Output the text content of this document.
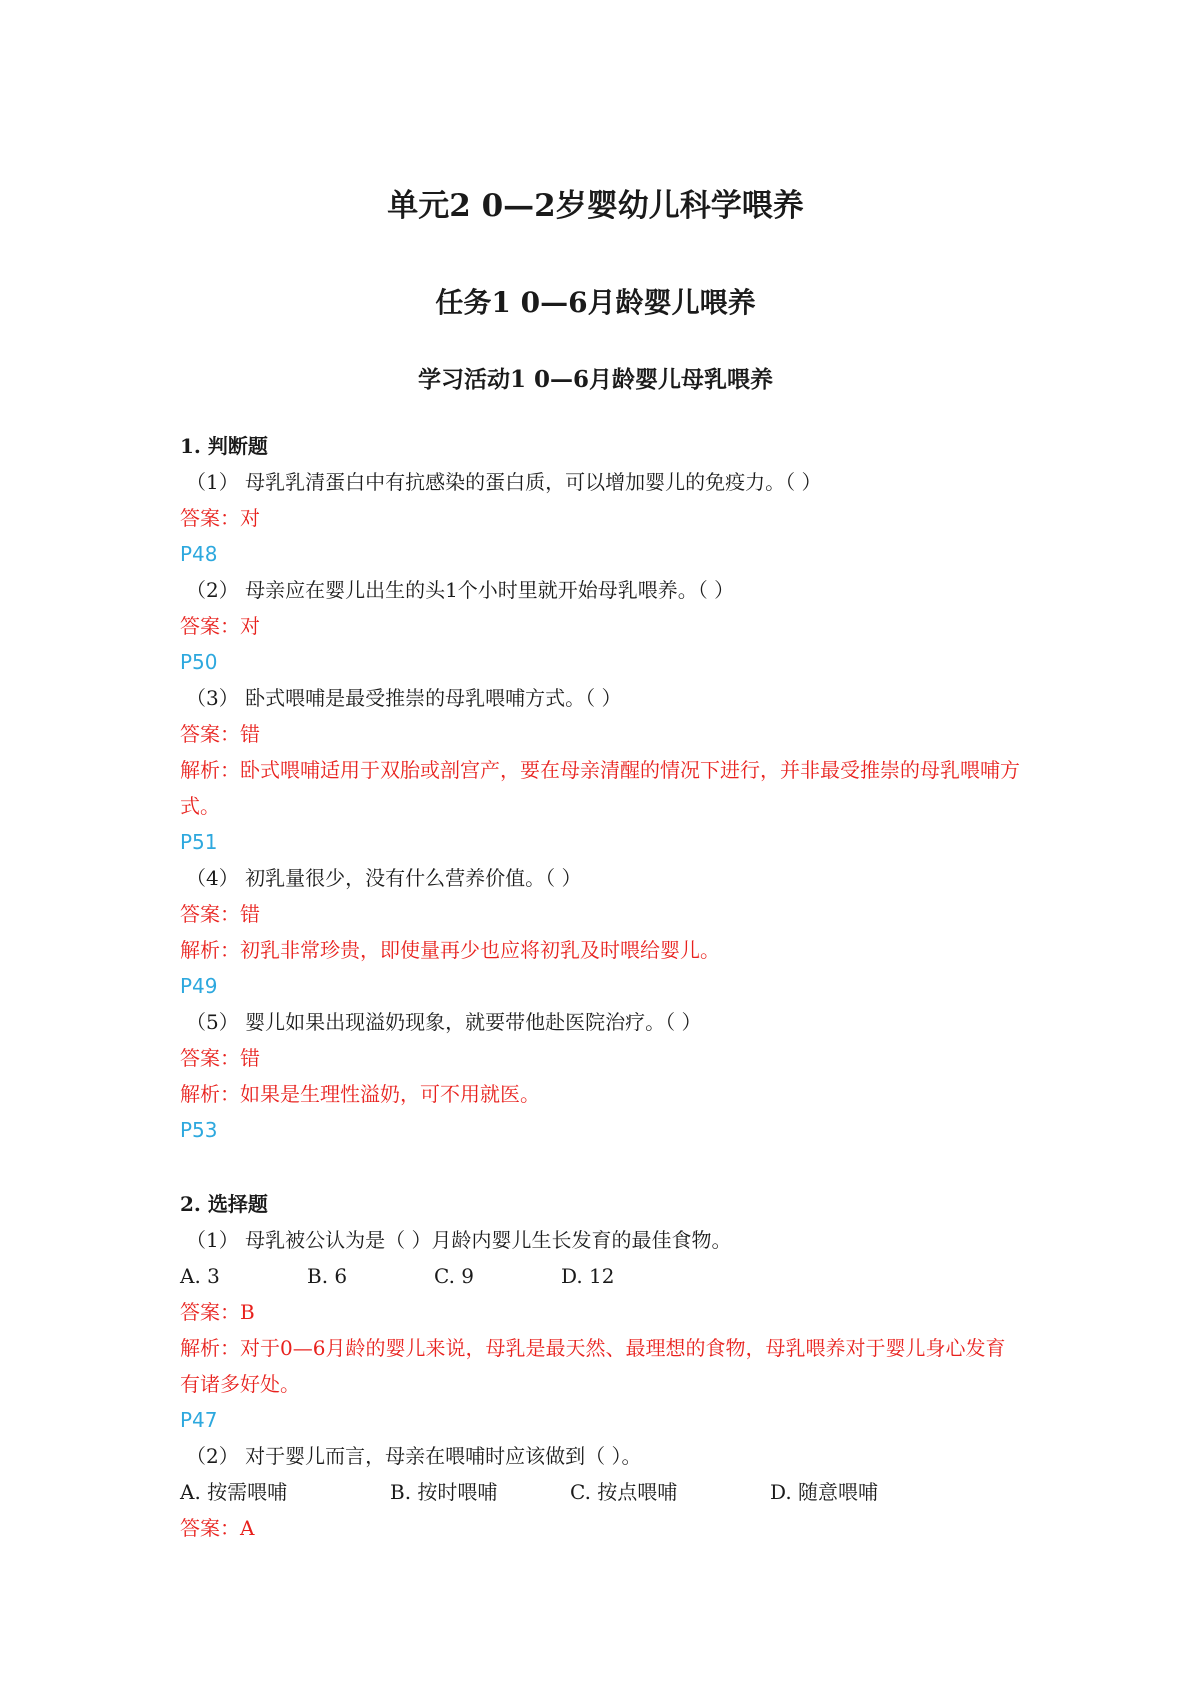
单元2 0—2岁婴幼儿科学喂养
任务1 0—6月龄婴儿喂养
学习活动1 0—6月龄婴儿母乳喂养
1. 判断题
（1） 母乳乳清蛋白中有抗感染的蛋白质，可以增加婴儿的免疫力。（ ）
答案：对
P48
（2） 母亲应在婴儿出生的头1个小时里就开始母乳喂养。（ ）
答案：对
P50
（3） 卧式喂哺是最受推崇的母乳喂哺方式。（ ）
答案：错
解析：卧式喂哺适用于双胎或剖宫产，要在母亲清醒的情况下进行，并非最受推崇的母乳喂哺方式。
P51
（4） 初乳量很少，没有什么营养价值。（ ）
答案：错
解析：初乳非常珍贵，即使量再少也应将初乳及时喂给婴儿。
P49
（5） 婴儿如果出现溢奶现象，就要带他赴医院治疗。（ ）
答案：错
解析：如果是生理性溢奶，可不用就医。
P53
2. 选择题
（1） 母乳被公认为是（ ）月龄内婴儿生长发育的最佳食物。
A. 3	B. 6	C. 9	D. 12
答案：B
解析：对于0—6月龄的婴儿来说，母乳是最天然、最理想的食物，母乳喂养对于婴儿身心发育有诸多好处。
P47
（2） 对于婴儿而言，母亲在喂哺时应该做到（ ）。
A. 按需喂哺	B. 按时喂哺	C. 按点喂哺	D. 随意喂哺
答案：A
